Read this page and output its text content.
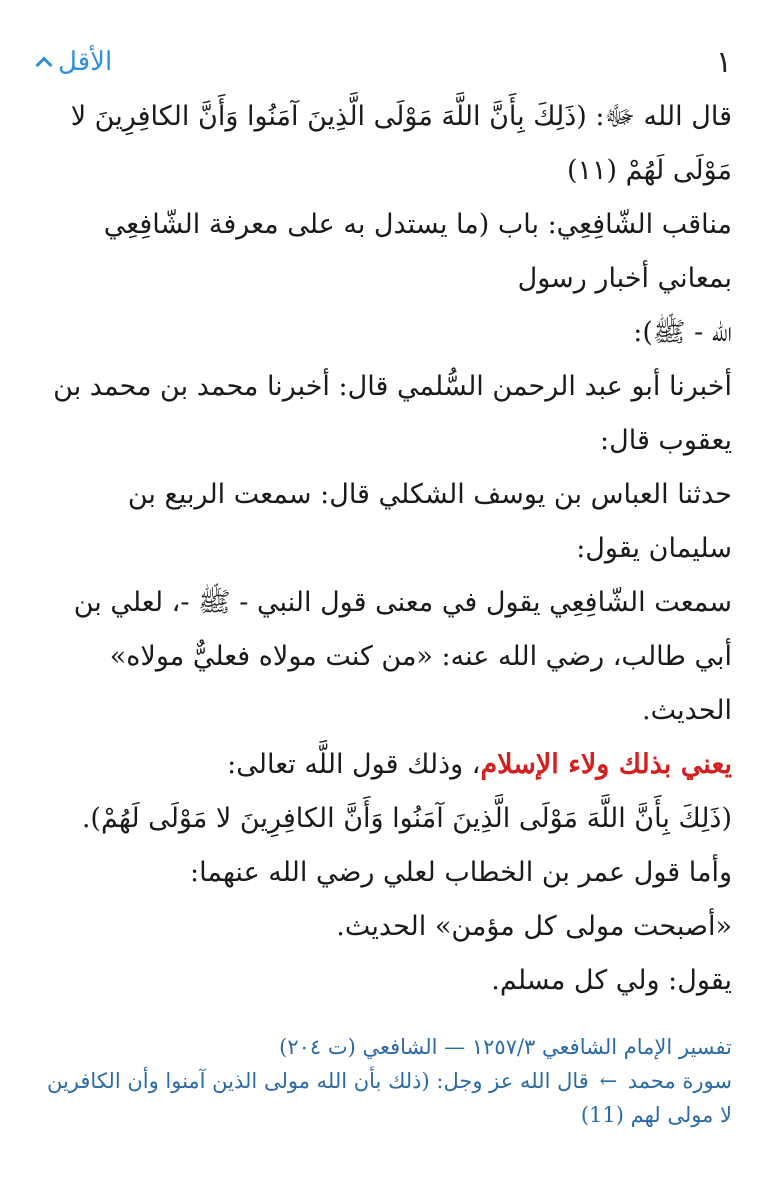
١
الأقل

قال الله ﷻ: (ذَلِكَ بِأَنَّ اللَّهَ مَوْلَى الَّذِينَ آمَنُوا وَأَنَّ الكافِرِينَ لا مَوْلَى لَهُمْ (١١)

مناقب الشّافِعِي: باب (ما يستدل به على معرفة الشّافِعِي بمعاني أخبار رسول

الله - ﷺ):

أخبرنا أبو عبد الرحمن السُّلمي قال: أخبرنا محمد بن محمد بن يعقوب قال:

حدثنا العباس بن يوسف الشكلي قال: سمعت الربيع بن سليمان يقول:

سمعت الشّافِعِي يقول في معنى قول النبي - ﷺ -، لعلي بن أبي طالب، رضي الله عنه: «من كنت مولاه فعليٌّ مولاه» الحديث.

يعني بذلك ولاء الإسلام، وذلك قول اللَّه تعالى:

(ذَلِكَ بِأَنَّ اللَّهَ مَوْلَى الَّذِينَ آمَنُوا وَأَنَّ الكافِرِينَ لا مَوْلَى لَهُمْ).

وأما قول عمر بن الخطاب لعلي رضي الله عنهما:

«أصبحت مولى كل مؤمن» الحديث.

يقول: ولي كل مسلم.

تفسير الإمام الشافعي ١٢٥٧/٣ — الشافعي (ت ٢٠٤)
سورة محمد ← قال الله عز وجل: (ذلك بأن الله مولى الذين آمنوا وأن الكافرين لا مولى لهم (11)
